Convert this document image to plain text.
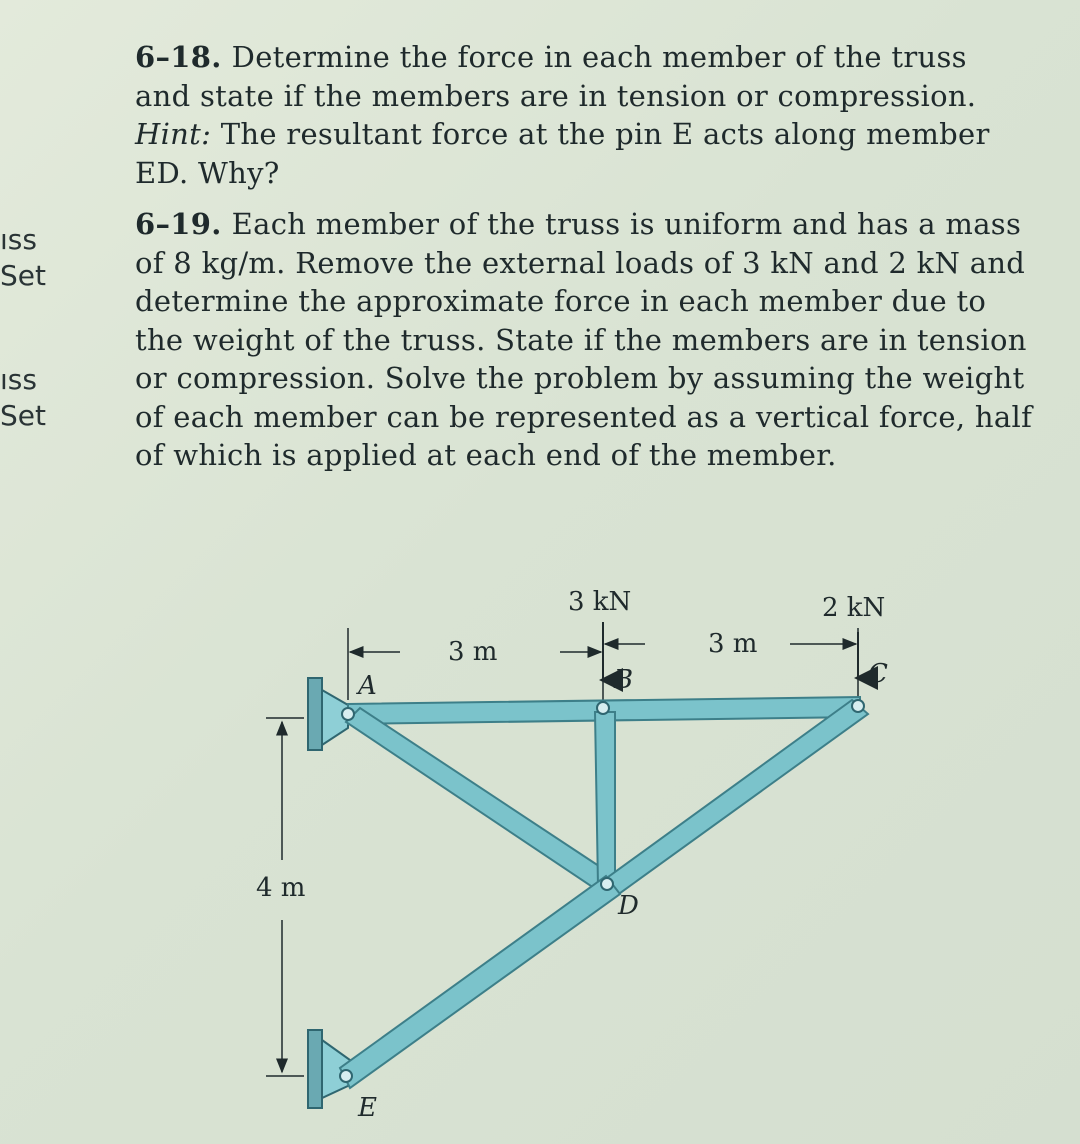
ıss
Set
ıss
Set
6–18. Determine the force in each member of the truss
and state if the members are in tension or compression.
Hint: The resultant force at the pin E acts along member
ED. Why?
6–19. Each member of the truss is uniform and has a mass
of 8 kg/m. Remove the external loads of 3 kN and 2 kN and
determine the approximate force in each member due to
the weight of the truss. State if the members are in tension
or compression. Solve the problem by assuming the weight
of each member can be represented as a vertical force, half
of which is applied at each end of the member.
3 kN	2 kN
3 m	3 m
4 m
A	B	C
D
E
